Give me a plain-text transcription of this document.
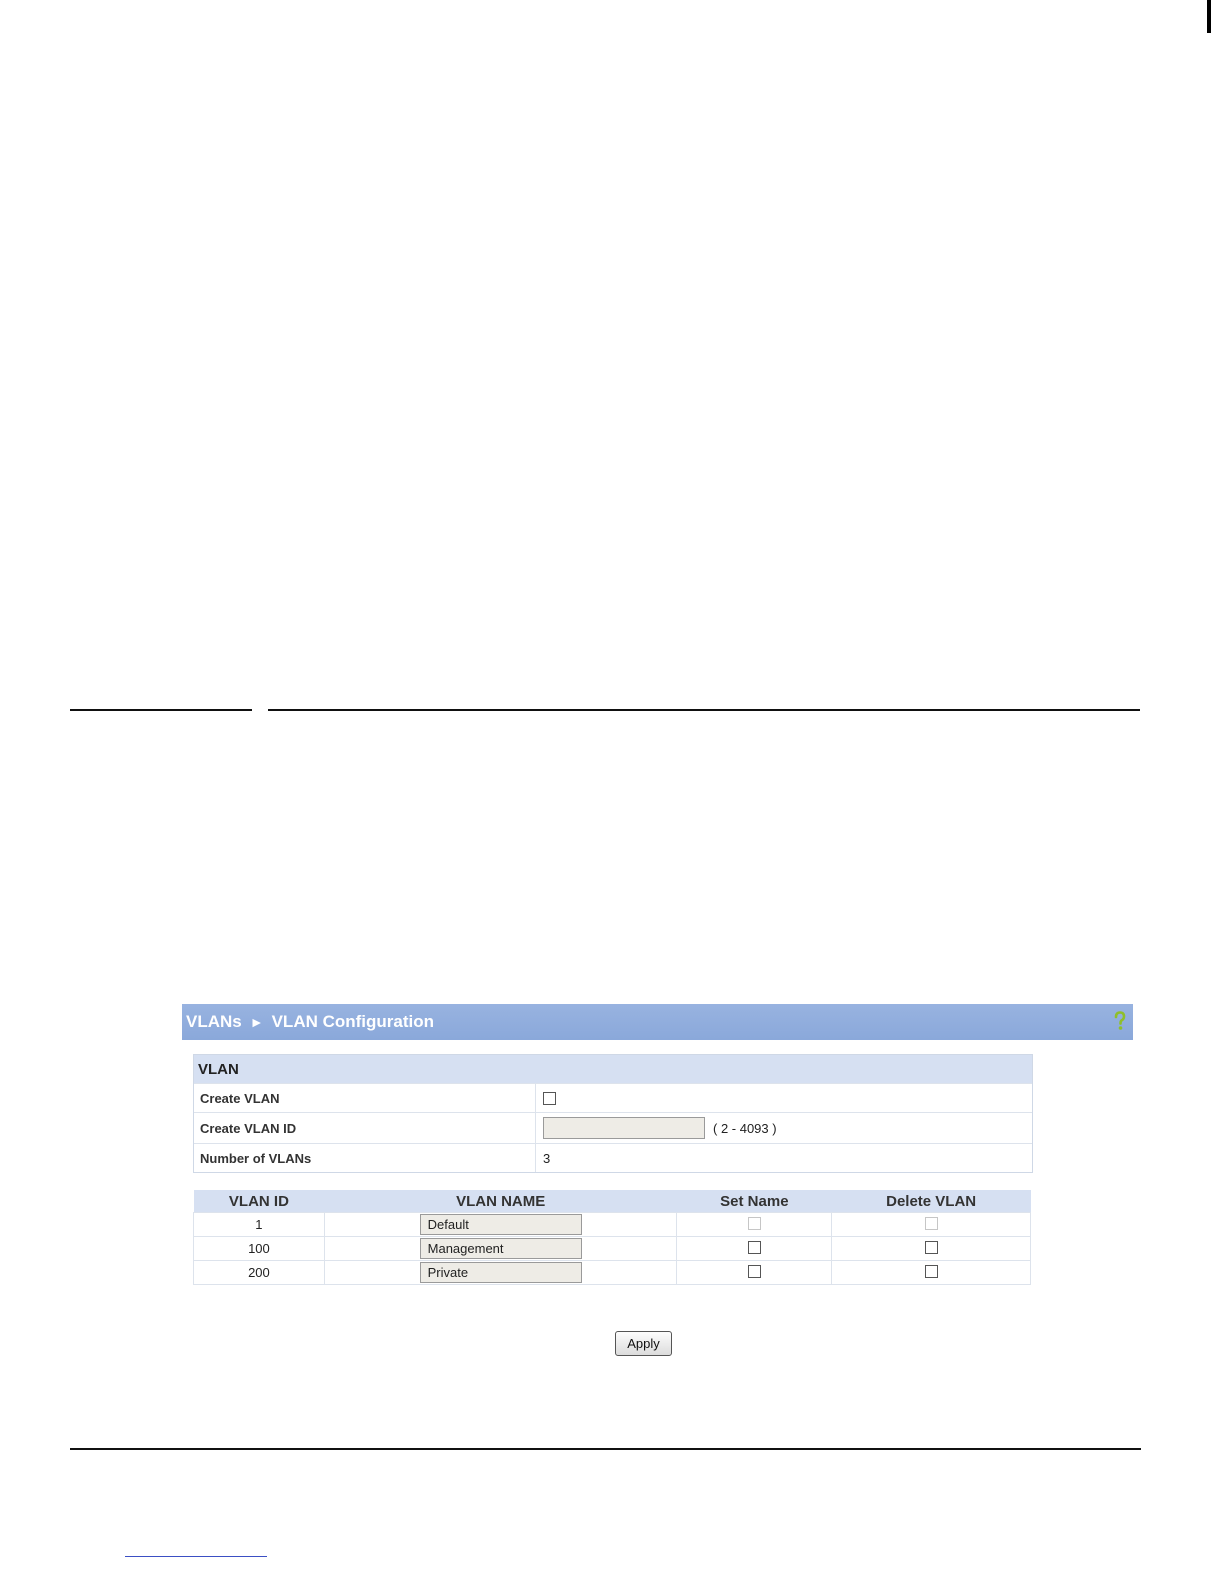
VLANs ► VLAN Configuration
VLAN
Create VLAN
Create VLAN ID	( 2 - 4093 )
Number of VLANs	3
VLAN ID	VLAN NAME	Set Name	Delete VLAN
1	Default		
100	Management		
200	Private		
Apply
